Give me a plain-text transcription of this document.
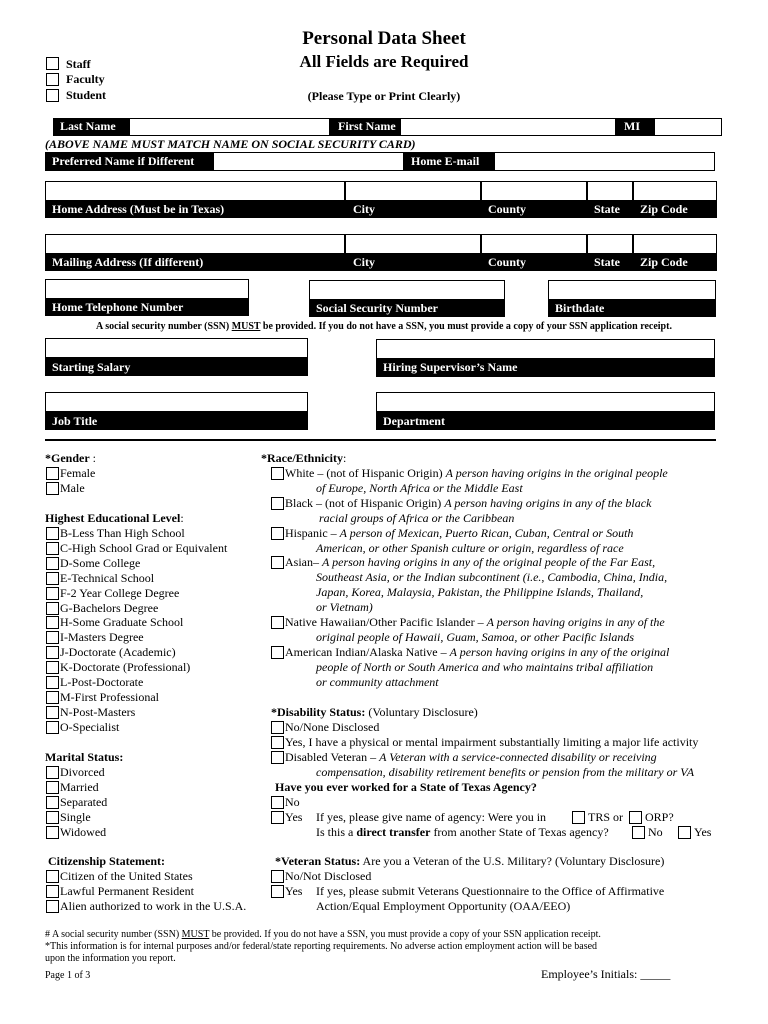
Personal Data Sheet
All Fields are Required
(Please Type or Print Clearly)
Staff
Faculty
Student
Last Name	First Name	MI
(ABOVE NAME MUST MATCH NAME ON SOCIAL SECURITY CARD)
Preferred Name if Different	Home E-mail
Home Address (Must be in Texas)	City	County	State Zip Code
Mailing Address (If different)	City	County	State Zip Code
Home Telephone Number	Social Security Number	Birthdate
A social security number (SSN) MUST be provided. If you do not have a SSN, you must provide a copy of your SSN application receipt.
Starting Salary	Hiring Supervisor’s Name
Job Title	Department
*Gender :
Female
Male
Highest Educational Level:
B-Less Than High School
C-High School Grad or Equivalent
D-Some College
E-Technical School
F-2 Year College Degree
G-Bachelors Degree
H-Some Graduate School
I-Masters Degree
J-Doctorate (Academic)
K-Doctorate (Professional)
L-Post-Doctorate
M-First Professional
N-Post-Masters
O-Specialist
Marital Status:
Divorced
Married
Separated
Single
Widowed
Citizenship Statement:
Citizen of the United States
Lawful Permanent Resident
Alien authorized to work in the U.S.A.
*Race/Ethnicity:
White – (not of Hispanic Origin) A person having origins in the original people
of Europe, North Africa or the Middle East
Black – (not of Hispanic Origin) A person having origins in any of the black
racial groups of Africa or the Caribbean
Hispanic – A person of Mexican, Puerto Rican, Cuban, Central or South
American, or other Spanish culture or origin, regardless of race
Asian– A person having origins in any of the original people of the Far East,
Southeast Asia, or the Indian subcontinent (i.e., Cambodia, China, India,
Japan, Korea, Malaysia, Pakistan, the Philippine Islands, Thailand,
or Vietnam)
Native Hawaiian/Other Pacific Islander – A person having origins in any of the
original people of Hawaii, Guam, Samoa, or other Pacific Islands
American Indian/Alaska Native – A person having origins in any of the original
people of North or South America and who maintains tribal affiliation
or community attachment
*Disability Status: (Voluntary Disclosure)
No/None Disclosed
Yes, I have a physical or mental impairment substantially limiting a major life activity
Disabled Veteran – A Veteran with a service-connected disability or receiving
compensation, disability retirement benefits or pension from the military or VA
Have you ever worked for a State of Texas Agency?
No
Yes If yes, please give name of agency: Were you in	TRS or ORP?
Is this a direct transfer from another State of Texas agency?	No	Yes
*Veteran Status: Are you a Veteran of the U.S. Military? (Voluntary Disclosure)
No/Not Disclosed
Yes If yes, please submit Veterans Questionnaire to the Office of Affirmative
Action/Equal Employment Opportunity (OAA/EEO)
# A social security number (SSN) MUST be provided. If you do not have a SSN, you must provide a copy of your SSN application receipt.
*This information is for internal purposes and/or federal/state reporting requirements. No adverse action employment action will be based
upon the information you report.
Page 1 of 3	Employee’s Initials: _____
